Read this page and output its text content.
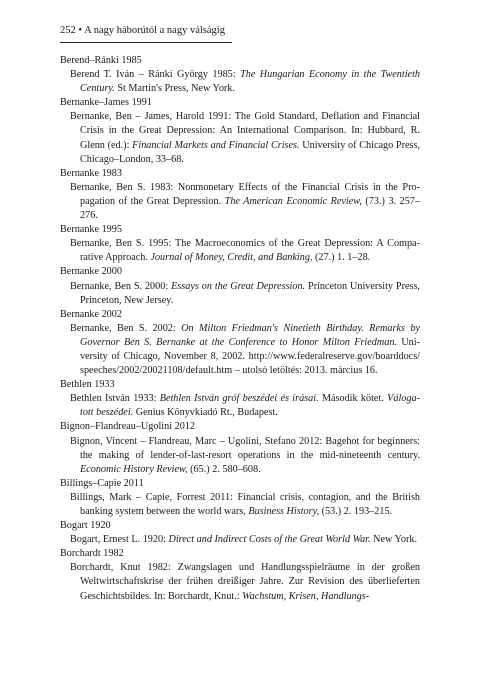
252 • A nagy háborútól a nagy válságig

Berend–Ránki 1985

Berend T. Iván – Ránki György 1985: The Hungarian Economy in the Twentieth Century. St Martin's Press, New York.

Bernanke–James 1991

Bernanke, Ben – James, Harold 1991: The Gold Standard, Deflation and Financial Crisis in the Great Depression: An International Comparison. In: Hubbard, R. Glenn (ed.): Financial Markets and Financial Crises. University of Chicago Press, Chicago–London, 33–68.

Bernanke 1983

Bernanke, Ben S. 1983: Nonmonetary Effects of the Financial Crisis in the Propagation of the Great Depression. The American Economic Review, (73.) 3. 257–276.

Bernanke 1995

Bernanke, Ben S. 1995: The Macroeconomics of the Great Depression: A Comparative Approach. Journal of Money, Credit, and Banking, (27.) 1. 1–28.

Bernanke 2000

Bernanke, Ben S. 2000: Essays on the Great Depression. Princeton University Press, Princeton, New Jersey.

Bernanke 2002

Bernanke, Ben S. 2002: On Milton Friedman's Ninetieth Birthday. Remarks by Governor Ben S. Bernanke at the Conference to Honor Milton Friedman. University of Chicago, November 8, 2002. http://www.federalreserve.gov/boarddocs/ speeches/2002/20021108/default.htm – utolsó letöltés: 2013. március 16.

Bethlen 1933

Bethlen István 1933: Bethlen István gróf beszédei és írásai. Második kötet. Válogatott beszédei. Genius Könyvkiadó Rt., Budapest.

Bignon–Flandreau–Ugolini 2012

Bignon, Vincent – Flandreau, Marc – Ugolini, Stefano 2012: Bagehot for beginners: the making of lender-of-last-resort operations in the mid-nineteenth century. Economic History Review, (65.) 2. 580–608.

Billings–Capie 2011

Billings, Mark – Capie, Forrest 2011: Financial crisis, contagion, and the British banking system between the world wars, Business History, (53.) 2. 193–215.

Bogart 1920

Bogart, Ernest L. 1920: Direct and Indirect Costs of the Great World War. New York.

Borchardt 1982

Borchardt, Knut 1982: Zwangslagen und Handlungsspielräume in der großen Weltwirtschaftskrise der frühen dreißiger Jahre. Zur Revision des überlieferten Geschichtsbildes. In: Borchardt, Knut.: Wachstum, Krisen, Handlungs-
